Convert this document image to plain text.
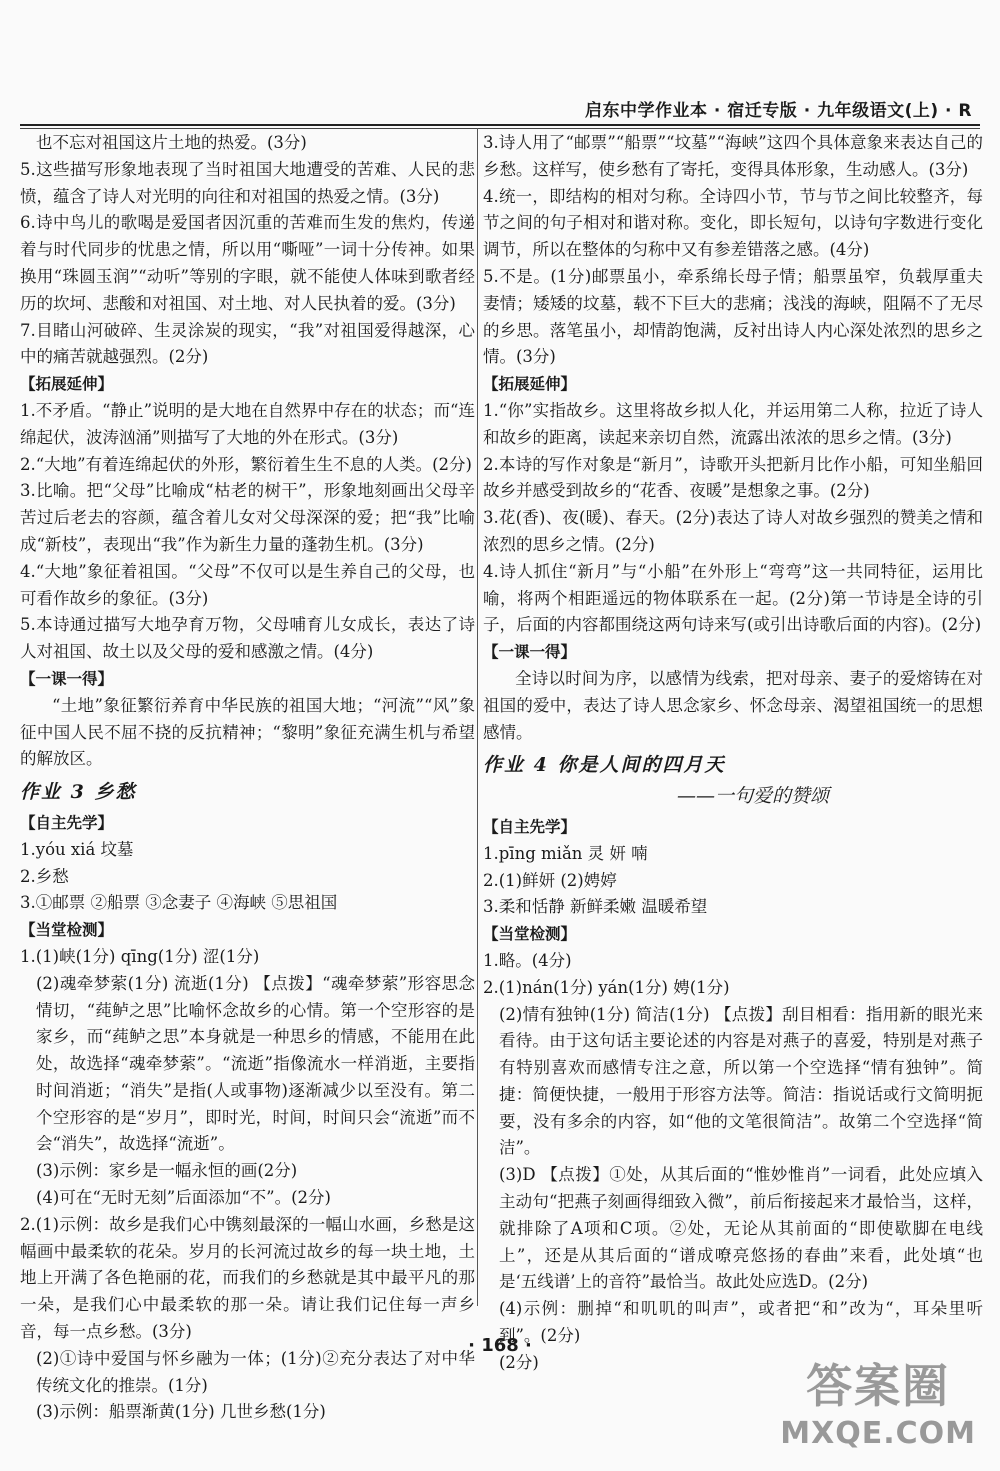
启东中学作业本 · 宿迁专版 · 九年级语文(上) · R
也不忘对祖国这片土地的热爱。(3分)
5.这些描写形象地表现了当时祖国大地遭受的苦难、人民的悲愤，蕴含了诗人对光明的向往和对祖国的热爱之情。(3分)
6.诗中鸟儿的歌喝是爱国者因沉重的苦难而生发的焦灼，传递着与时代同步的忧患之情，所以用“嘶哑”一词十分传神。如果换用“珠圆玉润”“动听”等别的字眼，就不能使人体味到歌者经历的坎坷、悲酸和对祖国、对土地、对人民执着的爱。(3分)
7.目睹山河破碎、生灵涂炭的现实，“我”对祖国爱得越深，心中的痛苦就越强烈。(2分)
【拓展延伸】
1.不矛盾。“静止”说明的是大地在自然界中存在的状态；而“连绵起伏，波涛汹涌”则描写了大地的外在形式。(3分)
2.“大地”有着连绵起伏的外形，繁衍着生生不息的人类。(2分)
3.比喻。把“父母”比喻成“枯老的树干”，形象地刻画出父母辛苦过后老去的容颜，蕴含着儿女对父母深深的爱；把“我”比喻成“新枝”，表现出“我”作为新生力量的蓬勃生机。(3分)
4.“大地”象征着祖国。“父母”不仅可以是生养自己的父母，也可看作故乡的象征。(3分)
5.本诗通过描写大地孕育万物，父母哺育儿女成长，表达了诗人对祖国、故土以及父母的爱和感激之情。(4分)
【一课一得】
“土地”象征繁衍养育中华民族的祖国大地；“河流”“风”象征中国人民不屈不挠的反抗精神；“黎明”象征充满生机与希望的解放区。
作业 3 乡愁
【自主先学】
1.yóu xiá 坟墓
2.乡愁
3.①邮票 ②船票 ③念妻子 ④海峡 ⑤思祖国
【当堂检测】
1.(1)峡(1分) qīng(1分) 涩(1分)
(2)魂牵梦萦(1分) 流逝(1分) 【点拨】“魂牵梦萦”形容思念情切，“莼鲈之思”比喻怀念故乡的心情。第一个空形容的是家乡，而“莼鲈之思”本身就是一种思乡的情感，不能用在此处，故选择“魂牵梦萦”。“流逝”指像流水一样消逝，主要指时间消逝；“消失”是指(人或事物)逐渐减少以至没有。第二个空形容的是“岁月”，即时光，时间，时间只会“流逝”而不会“消失”，故选择“流逝”。
(3)示例：家乡是一幅永恒的画(2分)
(4)可在“无时无刻”后面添加“不”。(2分)
2.(1)示例：故乡是我们心中镌刻最深的一幅山水画，乡愁是这幅画中最柔软的花朵。岁月的长河流过故乡的每一块土地，土地上开满了各色艳丽的花，而我们的乡愁就是其中最平凡的那一朵，是我们心中最柔软的那一朵。请让我们记住每一声乡音，每一点乡愁。(3分)
(2)①诗中爱国与怀乡融为一体；(1分)②充分表达了对中华传统文化的推崇。(1分)
(3)示例：船票渐黄(1分) 几世乡愁(1分)
3.诗人用了“邮票”“船票”“坟墓”“海峡”这四个具体意象来表达自己的乡愁。这样写，使乡愁有了寄托，变得具体形象，生动感人。(3分)
4.统一，即结构的相对匀称。全诗四小节，节与节之间比较整齐，每节之间的句子相对和谐对称。变化，即长短句，以诗句字数进行变化调节，所以在整体的匀称中又有参差错落之感。(4分)
5.不是。(1分)邮票虽小，牵系绵长母子情；船票虽窄，负载厚重夫妻情；矮矮的坟墓，载不下巨大的悲痛；浅浅的海峡，阻隔不了无尽的乡思。落笔虽小，却情韵饱满，反衬出诗人内心深处浓烈的思乡之情。(3分)
【拓展延伸】
1.“你”实指故乡。这里将故乡拟人化，并运用第二人称，拉近了诗人和故乡的距离，读起来亲切自然，流露出浓浓的思乡之情。(3分)
2.本诗的写作对象是“新月”，诗歌开头把新月比作小船，可知坐船回故乡并感受到故乡的“花香、夜暖”是想象之事。(2分)
3.花(香)、夜(暖)、春天。(2分)表达了诗人对故乡强烈的赞美之情和浓烈的思乡之情。(2分)
4.诗人抓住“新月”与“小船”在外形上“弯弯”这一共同特征，运用比喻，将两个相距遥远的物体联系在一起。(2分)第一节诗是全诗的引子，后面的内容都围绕这两句诗来写(或引出诗歌后面的内容)。(2分)
【一课一得】
全诗以时间为序，以感情为线索，把对母亲、妻子的爱熔铸在对祖国的爱中，表达了诗人思念家乡、怀念母亲、渴望祖国统一的思想感情。
作业 4 你是人间的四月天
——一句爱的赞颂
【自主先学】
1.pīng miǎn 灵 妍 喃
2.(1)鲜妍 (2)娉婷
3.柔和恬静 新鲜柔嫩 温暖希望
【当堂检测】
1.略。(4分)
2.(1)nán(1分) yán(1分) 娉(1分)
(2)情有独钟(1分) 简洁(1分) 【点拨】刮目相看：指用新的眼光来看待。由于这句话主要论述的内容是对燕子的喜爱，特别是对燕子有特别喜欢而感情专注之意，所以第一个空选择“情有独钟”。简捷：简便快捷，一般用于形容方法等。简洁：指说话或行文简明扼要，没有多余的内容，如“他的文笔很简洁”。故第二个空选择“简洁”。
(3)D 【点拨】①处，从其后面的“惟妙惟肖”一词看，此处应填入主动句“把燕子刻画得细致入微”，前后衔接起来才最恰当，这样，就排除了A项和C项。②处，无论从其前面的“即使歇脚在电线上”，还是从其后面的“谱成嘹亮悠扬的春曲”来看，此处填“也是‘五线谱’上的音符”最恰当。故此处应选D。(2分)
(4)示例：删掉“和叽叽的叫声”，或者把“和”改为“，耳朵里听到”。(2分)
(2分)
· 168 ·
答案圈
MXQE.COM
